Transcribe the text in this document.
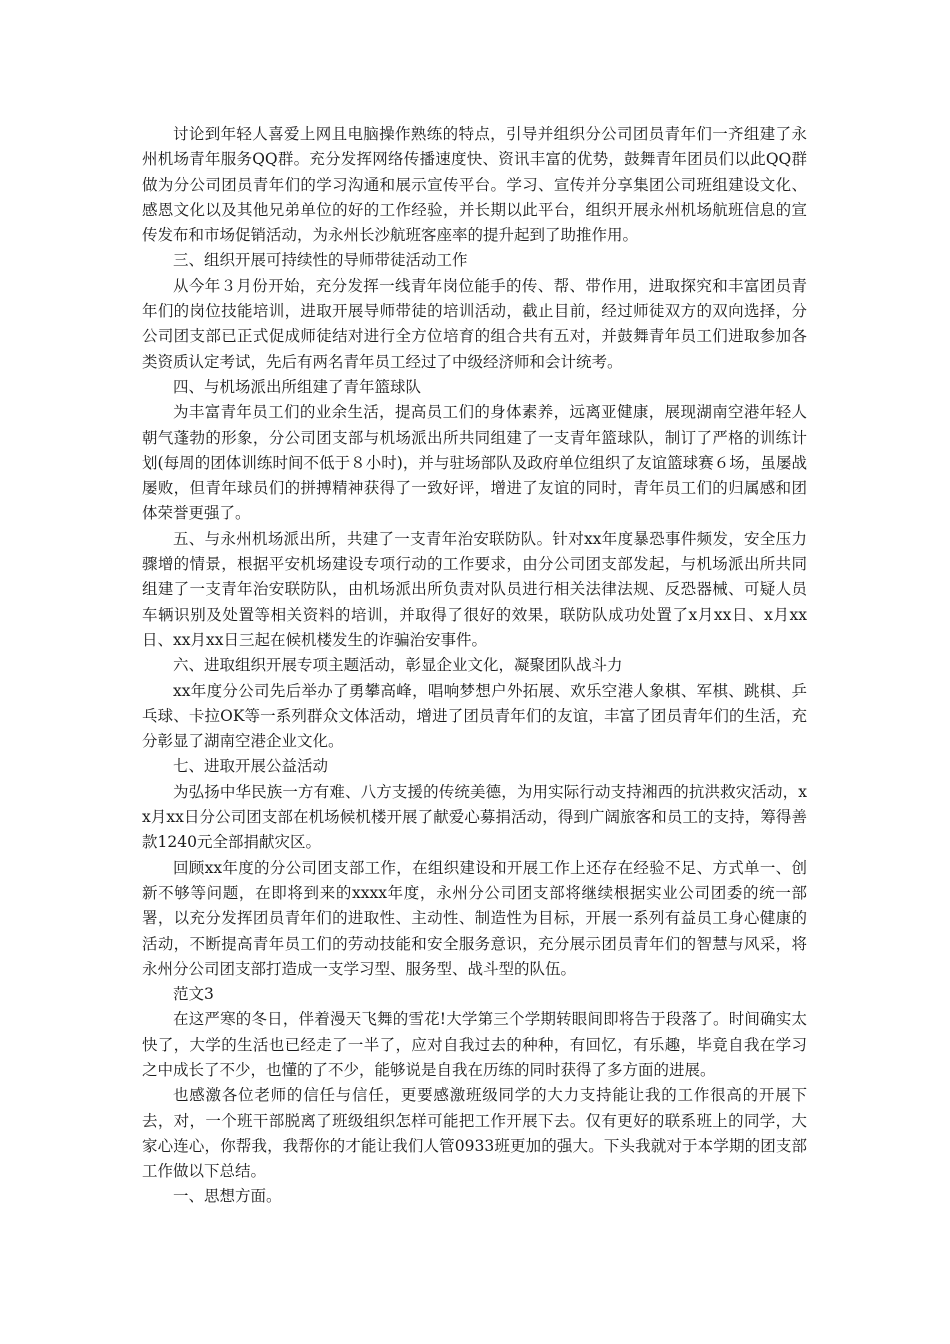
讨论到年轻人喜爱上网且电脑操作熟练的特点，引导并组织分公司团员青年们一齐组建了永州机场青年服务QQ群。充分发挥网络传播速度快、资讯丰富的优势，鼓舞青年团员们以此QQ群做为分公司团员青年们的学习沟通和展示宣传平台。学习、宣传并分享集团公司班组建设文化、感恩文化以及其他兄弟单位的好的工作经验，并长期以此平台，组织开展永州机场航班信息的宣传发布和市场促销活动，为永州长沙航班客座率的提升起到了助推作用。

三、组织开展可持续性的导师带徒活动工作

从今年３月份开始，充分发挥一线青年岗位能手的传、帮、带作用，进取探究和丰富团员青年们的岗位技能培训，进取开展导师带徒的培训活动，截止目前，经过师徒双方的双向选择，分公司团支部已正式促成师徒结对进行全方位培育的组合共有五对，并鼓舞青年员工们进取参加各类资质认定考试，先后有两名青年员工经过了中级经济师和会计统考。

四、与机场派出所组建了青年篮球队

为丰富青年员工们的业余生活，提高员工们的身体素养，远离亚健康，展现湖南空港年轻人朝气蓬勃的形象，分公司团支部与机场派出所共同组建了一支青年篮球队，制订了严格的训练计划(每周的团体训练时间不低于８小时)，并与驻场部队及政府单位组织了友谊篮球赛６场，虽屡战屡败，但青年球员们的拼搏精神获得了一致好评，增进了友谊的同时，青年员工们的归属感和团体荣誉更强了。

五、与永州机场派出所，共建了一支青年治安联防队。针对xx年度暴恐事件频发，安全压力骤增的情景，根据平安机场建设专项行动的工作要求，由分公司团支部发起，与机场派出所共同组建了一支青年治安联防队，由机场派出所负责对队员进行相关法律法规、反恐器械、可疑人员车辆识别及处置等相关资料的培训，并取得了很好的效果，联防队成功处置了x月xx日、x月xx日、xx月xx日三起在候机楼发生的诈骗治安事件。

六、进取组织开展专项主题活动，彰显企业文化，凝聚团队战斗力

xx年度分公司先后举办了勇攀高峰，唱响梦想户外拓展、欢乐空港人象棋、军棋、跳棋、乒乓球、卡拉OK等一系列群众文体活动，增进了团员青年们的友谊，丰富了团员青年们的生活，充分彰显了湖南空港企业文化。

七、进取开展公益活动

为弘扬中华民族一方有难、八方支援的传统美德，为用实际行动支持湘西的抗洪救灾活动，xx月xx日分公司团支部在机场候机楼开展了献爱心募捐活动，得到广阔旅客和员工的支持，筹得善款1240元全部捐献灾区。

回顾xx年度的分公司团支部工作，在组织建设和开展工作上还存在经验不足、方式单一、创新不够等问题，在即将到来的xxxx年度，永州分公司团支部将继续根据实业公司团委的统一部署，以充分发挥团员青年们的进取性、主动性、制造性为目标，开展一系列有益员工身心健康的活动，不断提高青年员工们的劳动技能和安全服务意识，充分展示团员青年们的智慧与风采，将永州分公司团支部打造成一支学习型、服务型、战斗型的队伍。

范文3

在这严寒的冬日，伴着漫天飞舞的雪花!大学第三个学期转眼间即将告于段落了。时间确实太快了，大学的生活也已经走了一半了，应对自我过去的种种，有回忆，有乐趣，毕竟自我在学习之中成长了不少，也懂的了不少，能够说是自我在历练的同时获得了多方面的进展。

也感激各位老师的信任与信任，更要感激班级同学的大力支持能让我的工作很高的开展下去，对，一个班干部脱离了班级组织怎样可能把工作开展下去。仅有更好的联系班上的同学，大家心连心，你帮我，我帮你的才能让我们人管0933班更加的强大。下头我就对于本学期的团支部工作做以下总结。

一、思想方面。
